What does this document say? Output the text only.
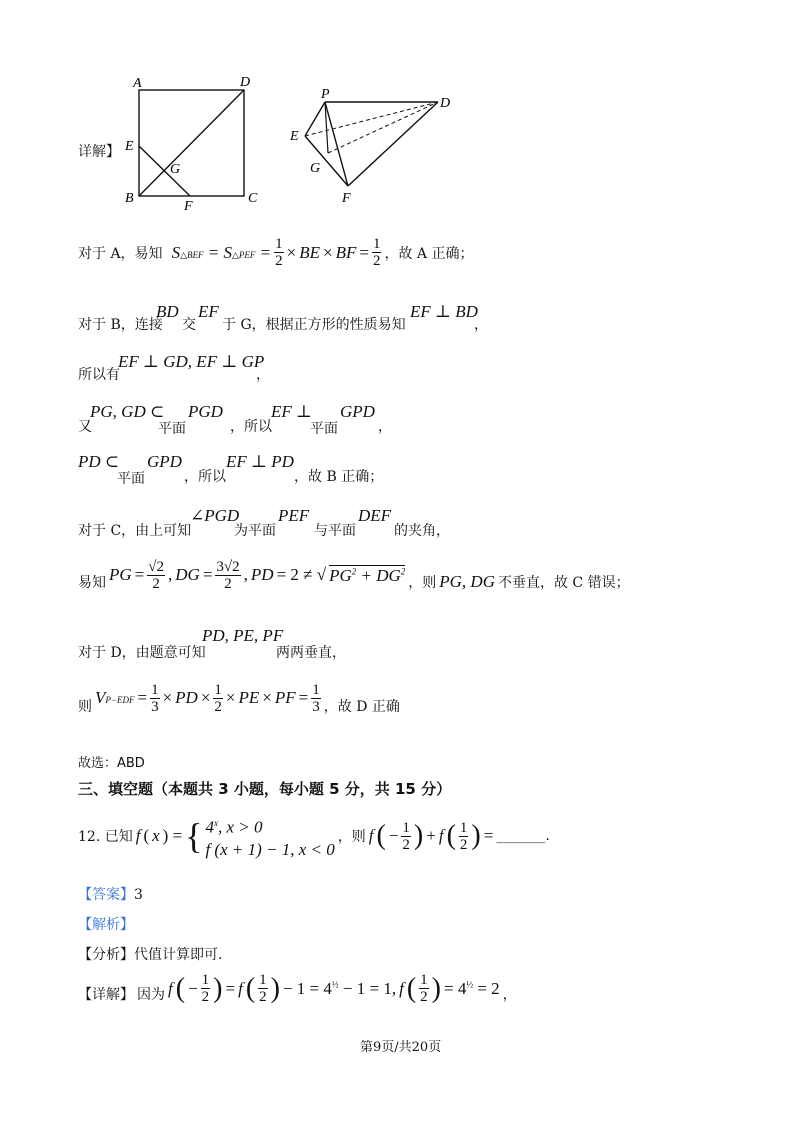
详解】
A	D
E
G
B	C
F
P
D
E
G
F
对于 A，易知 S△BEF = S△PEF = $\frac{1}{2}$ × BE × BF = $\frac{1}{2}$ ，故 A 正确；
对于 B，连接
BD
交
EF
于 G，根据正方形的性质易知
EF ⊥ BD
，
所以有
EF ⊥ GD, EF ⊥ GP
，
又
PG, GD ⊂
平面
PGD
，所以
EF ⊥
平面
GPD
，
PD ⊂
平面
GPD
，所以
EF ⊥ PD
，故 B 正确；
对于 C，由上可知
∠PGD
为平面
PEF
与平面
DEF
的夹角，
易知 PG = $\frac{√2}{2}$ , DG = $\frac{3√2}{2}$ , PD = 2 ≠ √ $PG^2 + DG^2$
，则 PG, DG 不垂直，故 C 错误；
对于 D，由题意可知
PD, PE, PF
两两垂直，
则 $VP-EDF = \frac{1}{3}$ × PD × $\frac{1}{2}$ × PE × PF = $\frac{1}{3}$ ，故 D 正确
故选：ABD
三、填空题（本题共 3 小题，每小题 5 分，共 15 分）
12. 已知 f ( x ) = { 4$^x$, x > 0
f (x + 1) − 1, x < 0
，则 f ( − $\frac{1}{2}$ ) + f ( $\frac{1}{2}$ ) = _______.
【答案】3
【解析】
【分析】代值计算即可.
【详解】 因为 f ( − $\frac{1}{2}$ ) = f ( $\frac{1}{2}$ ) − $1 = 4^{\frac{1}{2}} - 1 = 1$, f ( $\frac{1}{2}$ ) = $4^{\frac{1}{2}} = 2$ ，
第9页/共20页
